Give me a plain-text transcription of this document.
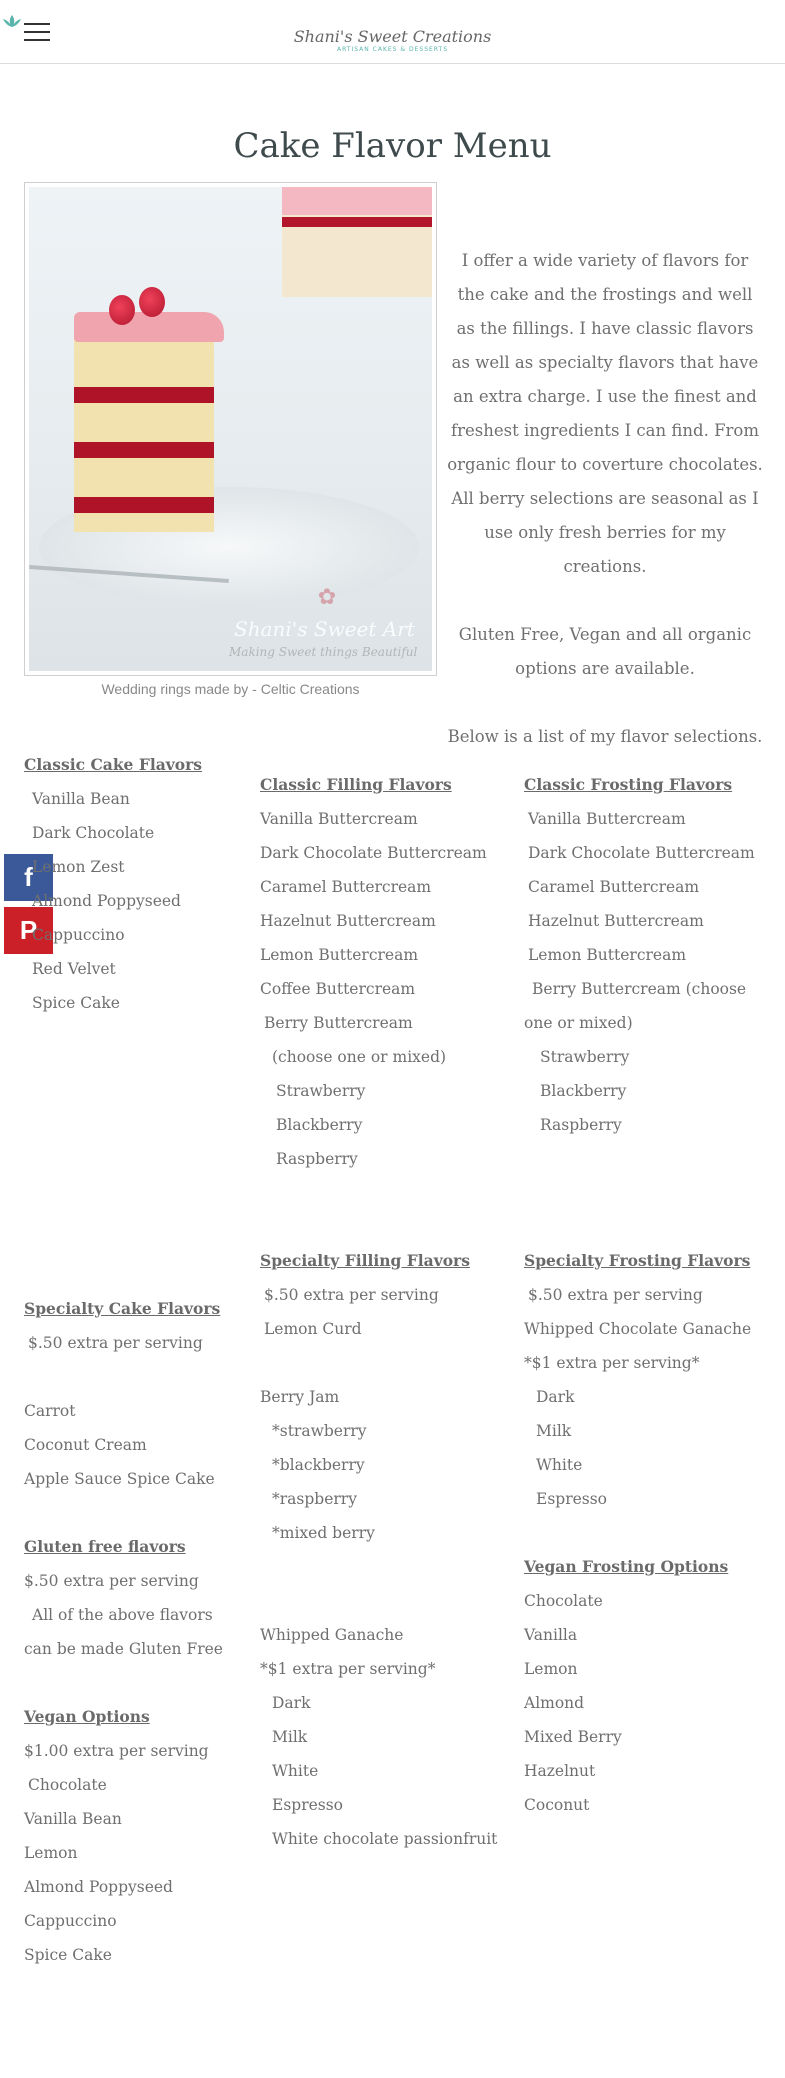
Shani's Sweet Creations
ARTISAN CAKES & DESSERTS
Cake Flavor Menu
✿
Shani's Sweet Art
Making Sweet things Beautiful
Wedding rings made by - Celtic Creations

I offer a wide variety of flavors for the cake and the frostings and well as the fillings. I have classic flavors as well as specialty flavors that have an extra charge. I use the finest and freshest ingredients I can find. From organic flour to coverture chocolates. All berry selections are seasonal as I use only fresh berries for my creations.

Gluten Free, Vegan and all organic options are available.

Below is a list of my flavor selections.

f
P
Classic Cake Flavors
Vanilla Bean
Dark Chocolate
Lemon Zest
Almond Poppyseed
Cappuccino
Red Velvet
Spice Cake
Classic Filling Flavors
Vanilla Buttercream
Dark Chocolate Buttercream
Caramel Buttercream
Hazelnut Buttercream
Lemon Buttercream
Coffee Buttercream
Berry Buttercream
(choose one or mixed)
Strawberry
Blackberry
Raspberry
Classic Frosting Flavors
Vanilla Buttercream
Dark Chocolate Buttercream
Caramel Buttercream
Hazelnut Buttercream
Lemon Buttercream
Berry Buttercream (choose one or mixed)
Strawberry
Blackberry
Raspberry
Specialty Cake Flavors
$.50 extra per serving
Carrot
Coconut Cream
Apple Sauce Spice Cake
Gluten free flavors
$.50 extra per serving
All of the above flavors can be made Gluten Free
Vegan Options
$1.00 extra per serving
Chocolate
Vanilla Bean
Lemon
Almond Poppyseed
Cappuccino
Spice Cake
Specialty Filling Flavors
$.50 extra per serving
Lemon Curd
Berry Jam
*strawberry
*blackberry
*raspberry
*mixed berry
Whipped Ganache
*$1 extra per serving*
Dark
Milk
White
Espresso
White chocolate passionfruit
Specialty Frosting Flavors
$.50 extra per serving
Whipped Chocolate Ganache
*$1 extra per serving*
Dark
Milk
White
Espresso
Vegan Frosting Options
Chocolate
Vanilla
Lemon
Almond
Mixed Berry
Hazelnut
Coconut
